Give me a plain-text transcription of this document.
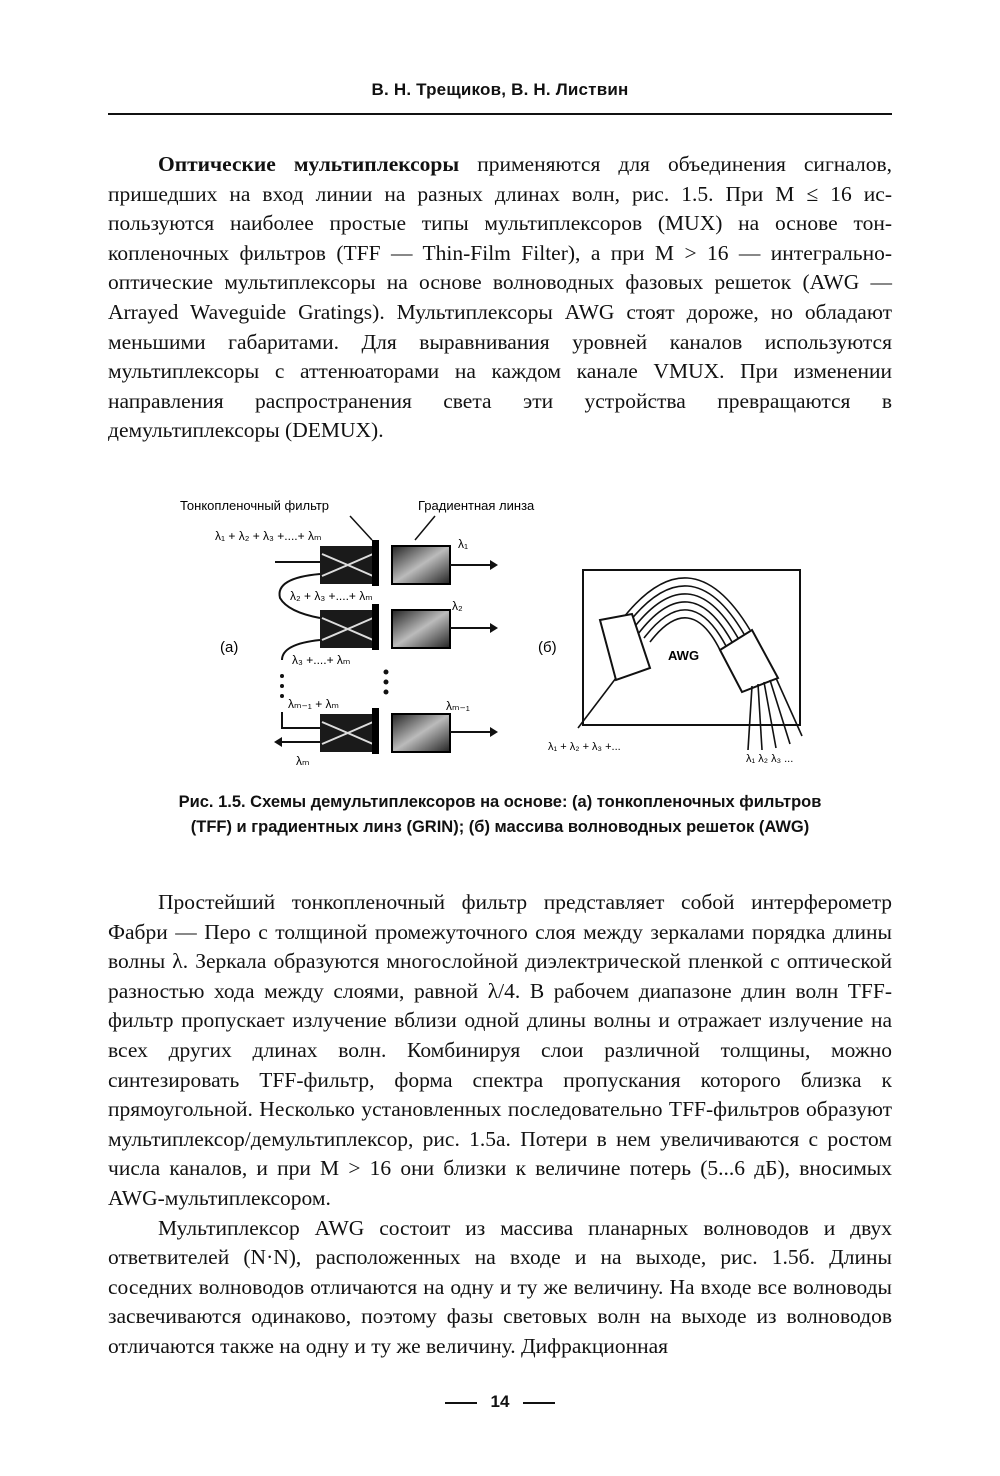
В. Н. Трещиков, В. Н. Листвин

Оптические мультиплексоры применяются для объединения сигналов, пришедших на вход линии на разных длинах волн, рис. 1.5. При M ≤ 16 используются наиболее простые типы мультиплексоров (MUX) на основе тонкопленочных фильтров (TFF — Thin-Film Filter), а при M > 16 — интегрально-оптические мультиплексоры на основе волноводных фазовых решеток (AWG — Arrayed Waveguide Gratings). Мультиплексоры AWG стоят дороже, но обладают меньшими габаритами. Для выравнивания уровней каналов используются мультиплексоры с аттенюаторами на каждом канале VMUX. При изменении направления распространения света эти устройства превращаются в демультиплексоры (DEMUX).

Тонкопленочный фильтр	Градиентная линза
λ₁ + λ₂ + λ₃ +....+ λₘ
λ₁
λ₂ + λ₃ +....+ λₘ
λ₂
λ₃ +....+ λₘ
(а)
λₘ₋₁ + λₘ	λₘ₋₁
λₘ
(б)	AWG
λ₁ + λ₂ + λ₃ +...
λ₁ λ₂ λ₃ ...
Рис. 1.5. Схемы демультиплексоров на основе: (а) тонкопленочных фильтров
(TFF) и градиентных линз (GRIN); (б) массива волноводных решеток (AWG)

Простейший тонкопленочный фильтр представляет собой интерферометр Фабри — Перо с толщиной промежуточного слоя между зеркалами порядка длины волны λ. Зеркала образуются многослойной диэлектрической пленкой с оптической разностью хода между слоями, равной λ/4. В рабочем диапазоне длин волн TFF-фильтр пропускает излучение вблизи одной длины волны и отражает излучение на всех других длинах волн. Комбинируя слои различной толщины, можно синтезировать TFF-фильтр, форма спектра пропускания которого близка к прямоугольной. Несколько установленных последовательно TFF-фильтров образуют мультиплексор/демультиплексор, рис. 1.5а. Потери в нем увеличиваются с ростом числа каналов, и при M > 16 они близки к величине потерь (5...6 дБ), вносимых AWG-мультиплексором.

Мультиплексор AWG состоит из массива планарных волноводов и двух ответвителей (N·N), расположенных на входе и на выходе, рис. 1.5б. Длины соседних волноводов отличаются на одну и ту же величину. На входе все волноводы засвечиваются одинаково, поэтому фазы световых волн на выходе из волноводов отличаются также на одну и ту же величину. Дифракционная

14
